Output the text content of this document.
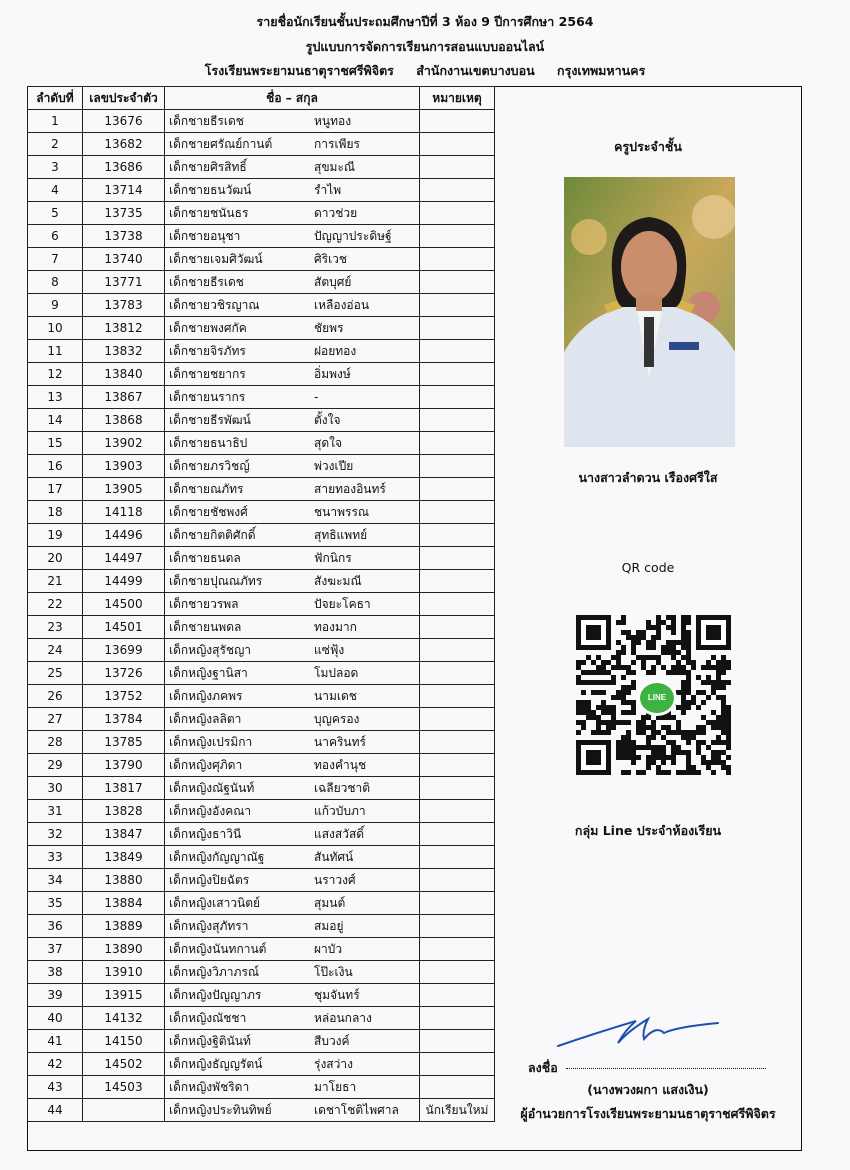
รายชื่อนักเรียนชั้นประถมศึกษาปีที่ 3 ห้อง 9 ปีการศึกษา 2564
รูปแบบการจัดการเรียนการสอนแบบออนไลน์
โรงเรียนพระยามนธาตุราชศรีพิจิตร สำนักงานเขตบางบอน กรุงเทพมหานคร
ลำดับที่	เลขประจำตัว	ชื่อ – สกุล	หมายเหตุ
1	13676	เด็กชายธีรเดช หนูทอง	
2	13682	เด็กชายศรัณย์กานต์ การเพียร	
3	13686	เด็กชายศิรสิทธิ์ สุขมะณี	
4	13714	เด็กชายธนวัฒน์ รำไพ	
5	13735	เด็กชายชนันธร ดาวช่วย	
6	13738	เด็กชายอนุชา ปัญญาประดิษฐ์	
7	13740	เด็กชายเจมศิวัฒน์ ศิริเวช	
8	13771	เด็กชายธีรเดช สัตบุศย์	
9	13783	เด็กชายวชิรญาณ เหลืองอ่อน	
10	13812	เด็กชายพงศกัค ชัยพร	
11	13832	เด็กชายจิรภัทร ฝอยทอง	
12	13840	เด็กชายชยากร อิ่มพงษ์	
13	13867	เด็กชายนรากร -	
14	13868	เด็กชายธีรพัฒน์ ตั้งใจ	
15	13902	เด็กชายธนาธิป สุดใจ	
16	13903	เด็กชายภรวิชญ์ พ่วงเปีย	
17	13905	เด็กชายณภัทร สายทองอินทร์	
18	14118	เด็กชายชัชพงศ์ ชนาพรรณ	
19	14496	เด็กชายกิตติศักดิ์ สุทธิแพทย์	
20	14497	เด็กชายธนดล ฟักนิกร	
21	14499	เด็กชายปุณณภัทร สังฆะมณี	
22	14500	เด็กชายวรพล ปัจยะโคธา	
23	14501	เด็กชายนพดล ทองมาก	
24	13699	เด็กหญิงสุรัชญา แซ่ฟุ้ง	
25	13726	เด็กหญิงฐานิสา โมปลอด	
26	13752	เด็กหญิงภคพร นามเดช	
27	13784	เด็กหญิงลลิตา บุญครอง	
28	13785	เด็กหญิงเปรมิกา นาครินทร์	
29	13790	เด็กหญิงศุภิดา ทองคำนุช	
30	13817	เด็กหญิงณัฐนันท์ เฉลียวชาติ	
31	13828	เด็กหญิงอังคณา แก้วบับภา	
32	13847	เด็กหญิงธาวินี แสงสวัสดิ์	
33	13849	เด็กหญิงกัญญาณัฐ สันทัศน์	
34	13880	เด็กหญิงปิยฉัตร นราวงศ์	
35	13884	เด็กหญิงเสาวนิตย์ สุมนต์	
36	13889	เด็กหญิงสุภัทรา สมอยู่	
37	13890	เด็กหญิงนันทกานต์ ผาบัว	
38	13910	เด็กหญิงวิภาภรณ์ โป๊ะเงิน	
39	13915	เด็กหญิงปัญญาภร ชุมจันทร์	
40	14132	เด็กหญิงณัชชา หล่อนกลาง	
41	14150	เด็กหญิงฐิตินันท์ สีบวงค์	
42	14502	เด็กหญิงธัญญรัตน์ รุ่งสว่าง	
43	14503	เด็กหญิงพัชริดา มาโยธา	
44		เด็กหญิงประทินทิพย์ เดชาโชติไพศาล	นักเรียนใหม่
ครูประจำชั้น
นางสาวลำดวน เรืองศรีใส
QR code
LINE
กลุ่ม Line ประจำห้องเรียน
ลงชื่อ
(นางพวงผกา แสงเงิน)
ผู้อำนวยการโรงเรียนพระยามนธาตุราชศรีพิจิตร
